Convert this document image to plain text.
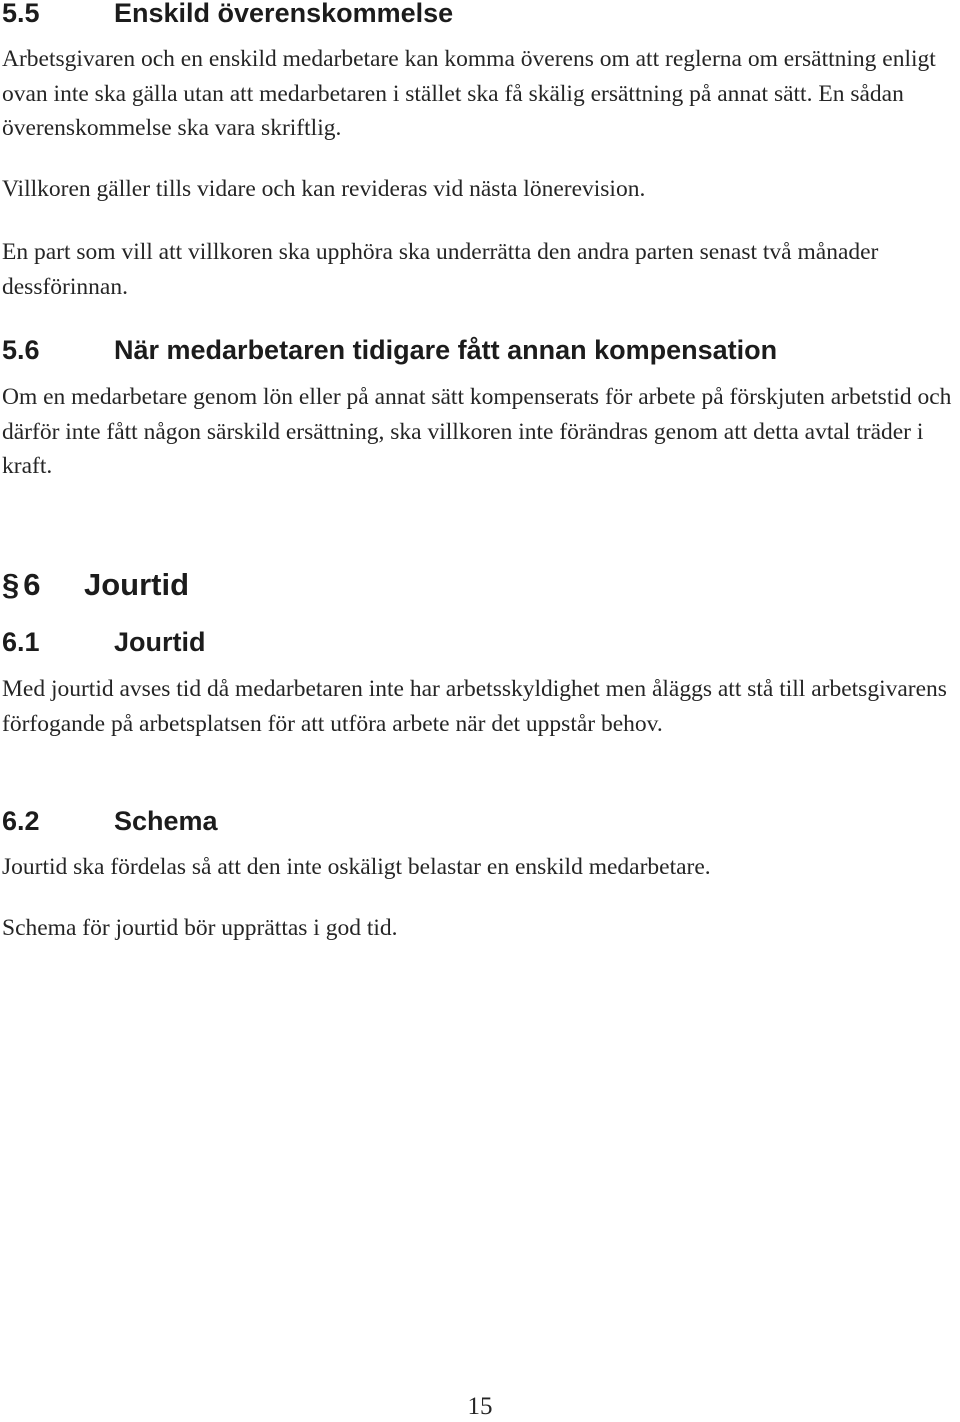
5.5	Enskild överenskommelse

Arbetsgivaren och en enskild medarbetare kan komma överens om att reglerna om ersättning enligt ovan inte ska gälla utan att medarbetaren i stället ska få skälig ersättning på annat sätt. En sådan överenskommelse ska vara skriftlig.

Villkoren gäller tills vidare och kan revideras vid nästa lönerevision.

En part som vill att villkoren ska upphöra ska underrätta den andra parten senast två månader dessförinnan.

5.6	När medarbetaren tidigare fått annan kompensation

Om en medarbetare genom lön eller på annat sätt kompenserats för arbete på förskjuten arbetstid och därför inte fått någon särskild ersättning, ska villkoren inte förändras genom att detta avtal träder i kraft.

§ 6 Jourtid
6.1	Jourtid

Med jourtid avses tid då medarbetaren inte har arbetsskyldighet men åläggs att stå till arbetsgivarens förfogande på arbetsplatsen för att utföra arbete när det uppstår behov.

6.2	Schema

Jourtid ska fördelas så att den inte oskäligt belastar en enskild medarbetare.

Schema för jourtid bör upprättas i god tid.

15
